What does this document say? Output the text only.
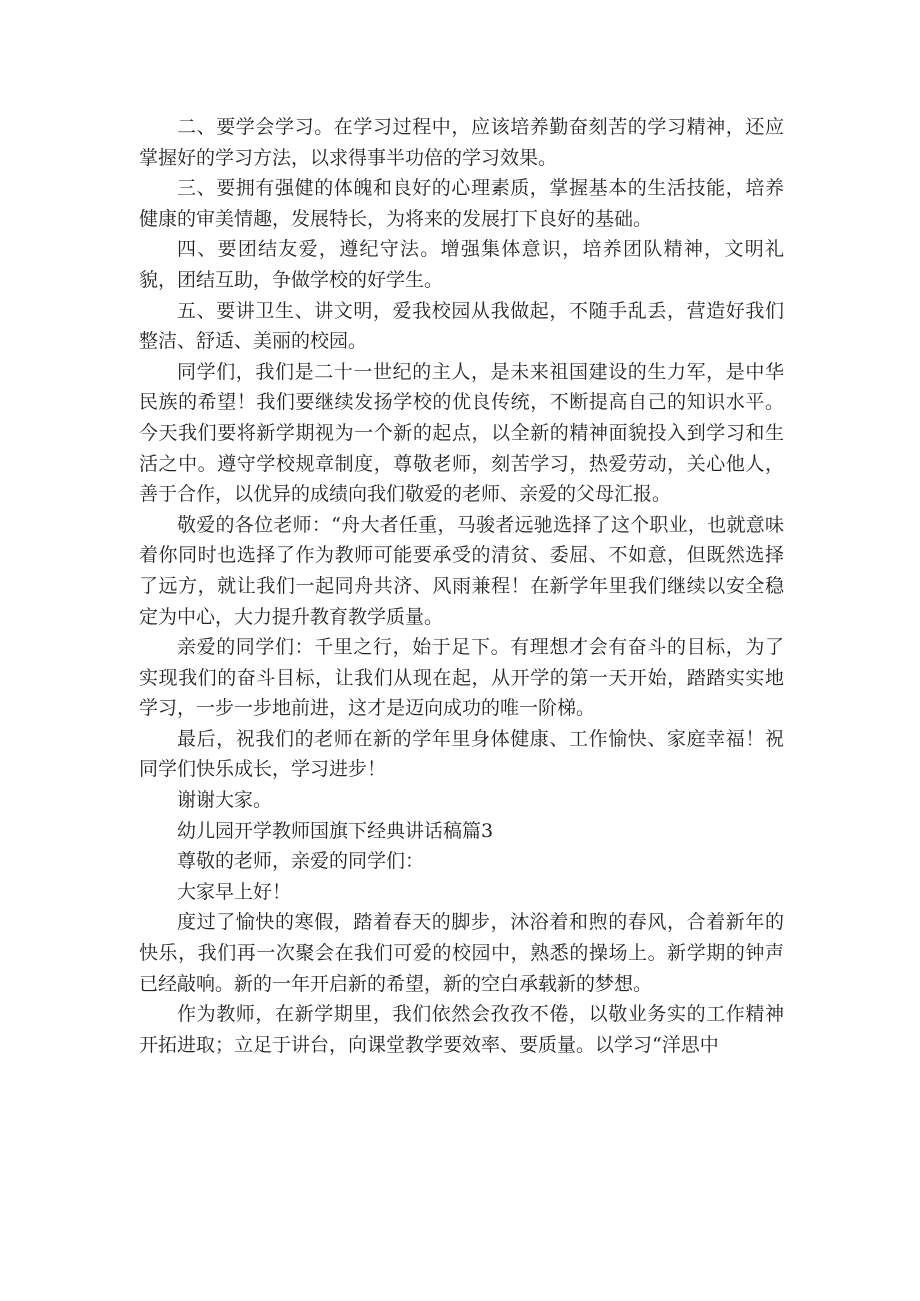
二、要学会学习。在学习过程中，应该培养勤奋刻苦的学习精神，还应掌握好的学习方法，以求得事半功倍的学习效果。

三、要拥有强健的体魄和良好的心理素质，掌握基本的生活技能，培养健康的审美情趣，发展特长，为将来的发展打下良好的基础。

四、要团结友爱，遵纪守法。增强集体意识，培养团队精神，文明礼貌，团结互助，争做学校的好学生。

五、要讲卫生、讲文明，爱我校园从我做起，不随手乱丢，营造好我们整洁、舒适、美丽的校园。

同学们，我们是二十一世纪的主人，是未来祖国建设的生力军，是中华民族的希望！我们要继续发扬学校的优良传统，不断提高自己的知识水平。今天我们要将新学期视为一个新的起点，以全新的精神面貌投入到学习和生活之中。遵守学校规章制度，尊敬老师，刻苦学习，热爱劳动，关心他人，善于合作，以优异的成绩向我们敬爱的老师、亲爱的父母汇报。

敬爱的各位老师：“舟大者任重，马骏者远驰选择了这个职业，也就意味着你同时也选择了作为教师可能要承受的清贫、委屈、不如意，但既然选择了远方，就让我们一起同舟共济、风雨兼程！在新学年里我们继续以安全稳定为中心，大力提升教育教学质量。

亲爱的同学们：千里之行，始于足下。有理想才会有奋斗的目标，为了实现我们的奋斗目标，让我们从现在起，从开学的第一天开始，踏踏实实地学习，一步一步地前进，这才是迈向成功的唯一阶梯。

最后，祝我们的老师在新的学年里身体健康、工作愉快、家庭幸福！祝同学们快乐成长，学习进步！

谢谢大家。

幼儿园开学教师国旗下经典讲话稿篇3

尊敬的老师，亲爱的同学们：

大家早上好！

度过了愉快的寒假，踏着春天的脚步，沐浴着和煦的春风，合着新年的快乐，我们再一次聚会在我们可爱的校园中，熟悉的操场上。新学期的钟声已经敲响。新的一年开启新的希望，新的空白承载新的梦想。

作为教师，在新学期里，我们依然会孜孜不倦，以敬业务实的工作精神开拓进取；立足于讲台，向课堂教学要效率、要质量。以学习“洋思中
